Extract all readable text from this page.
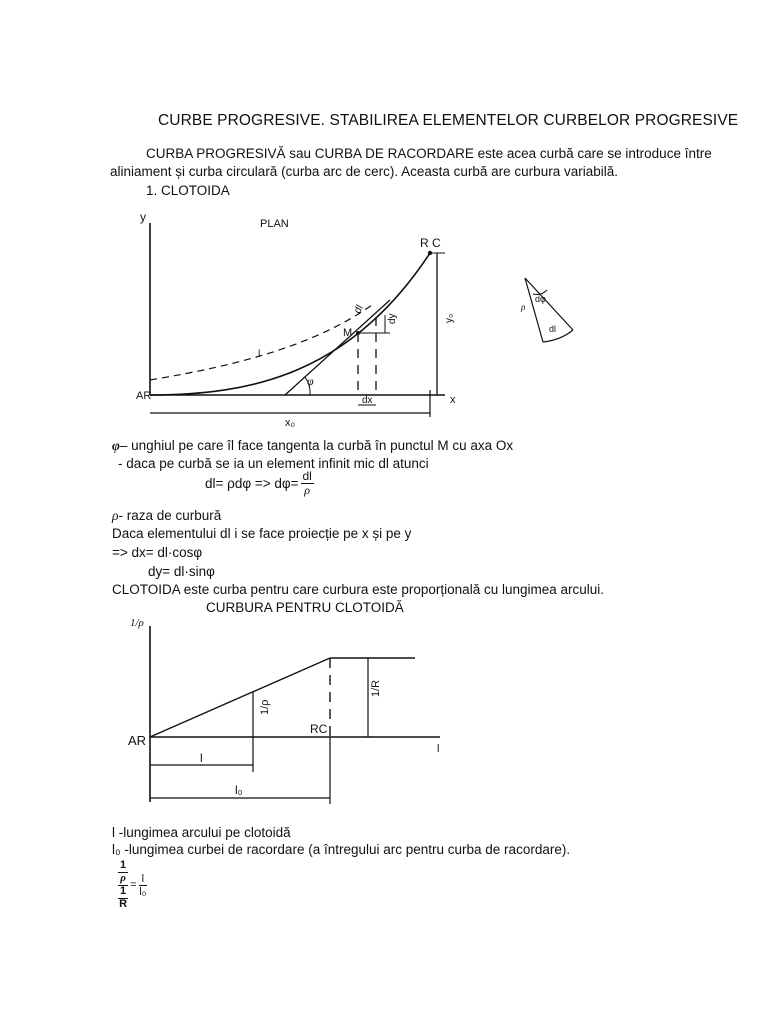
CURBE PROGRESIVE. STABILIREA ELEMENTELOR CURBELOR PROGRESIVE
CURBA PROGRESIVĂ sau CURBA DE RACORDARE este acea curbă care se introduce între
aliniament și curba circulară (curba arc de cerc). Aceasta curbă are curbura variabilă.
1. CLOTOIDA
y	PLAN
R C
AR	x
M
φ
dl
l
dx
dy
x₀
y₀
ρ
dφ
dl
φ– unghiul pe care îl face tangenta la curbă în punctul M cu axa Ox
- daca pe curbă se ia un element infinit mic dl atunci
$dl= \rho d\varphi => d\varphi= \frac{dl}{\rho}$
ρ- raza de curbură
Daca elementului dl i se face proiecție pe x și pe y
=> dx= dl·cosφ
dy= dl·sinφ
CLOTOIDA este curba pentru care curbura este proporțională cu lungimea arcului.
CURBURA PENTRU CLOTOIDĂ
1/ρ
AR
RC
l
1/ρ
1/R
l
l₀
l -lungimea arcului pe clotoidă
l₀ -lungimea curbei de racordare (a întregului arc pentru curba de racordare).
1
ρ
1
$R = \frac{l}{\text{l₀}}$
